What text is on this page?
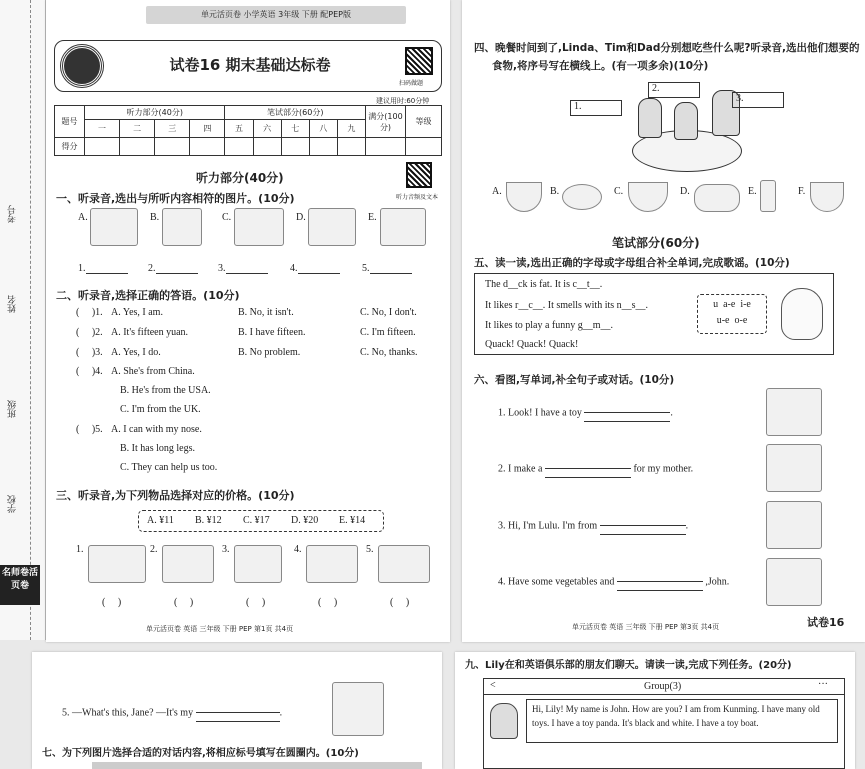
考号
姓名
班级
学校
名师卷活页卷
单元活页卷 小学英语 3年级 下册 配PEP版
试卷16 期末基础达标卷
扫码做题
建议用时:60分钟
题号	听力部分(40分)				笔试部分(60分)					满分(100分)	等级
	一	二	三	四	五	六	七	八	九		
得分											
听力部分(40分)
听力音频及文本
一、听录音,选出与所听内容相符的图片。(10分)
A.	B.	C.	D.	E.
1.	2.	3.	4.	5.
二、听录音,选择正确的答语。(10分)
(     )1. A. Yes, I am.	B. No, it isn't.	C. No, I don't.
(     )2. A. It's fifteen yuan.	B. I have fifteen.	C. I'm fifteen.
(     )3. A. Yes, I do.	B. No problem.	C. No, thanks.
(     )4. A. She's from China.
B. He's from the USA.
C. I'm from the UK.
(     )5. A. I can with my nose.
B. It has long legs.
C. They can help us too.
三、听录音,为下列物品选择对应的价格。(10分)
A. ¥11 B. ¥12 C. ¥17 D. ¥20 E. ¥14
1.	2.	3.	4.	5.
(     )	(     )	(     )	(     )	(     )
单元活页卷 英语 三年级 下册 PEP 第1页 共4页
四、晚餐时间到了,Linda、Tim和Dad分别想吃些什么呢?听录音,选出他们想要的
食物,将序号写在横线上。(有一项多余)(10分)
1.
2.
3.
A.	B.	C.	D.	E.	F.
笔试部分(60分)
五、读一读,选出正确的字母或字母组合补全单词,完成歌谣。(10分)
The d__ck is fat. It is c__t__.
It likes r__c__. It smells with its n__s__.
It likes to play a funny g__m__.
Quack! Quack! Quack!
u  a-e  i-e
u-e  o-e
六、看图,写单词,补全句子或对话。(10分)
1. Look! I have a toy	.
2. I make a	for my mother.
3. Hi, I'm Lulu. I'm from	.
4. Have some vegetables and	,John.
单元活页卷 英语 三年级 下册 PEP 第3页 共4页	试卷16
5. —What's this, Jane? —It's my	.
七、为下列图片选择合适的对话内容,将相应标号填写在圆圈内。(10分)
九、Lily在和英语俱乐部的朋友们聊天。请读一读,完成下列任务。(20分)
<	Group(3)	···
Hi, Lily! My name is John. How are you? I am from Kunming. I have many old toys. I have a toy panda. It's black and white. I have a toy boat.
